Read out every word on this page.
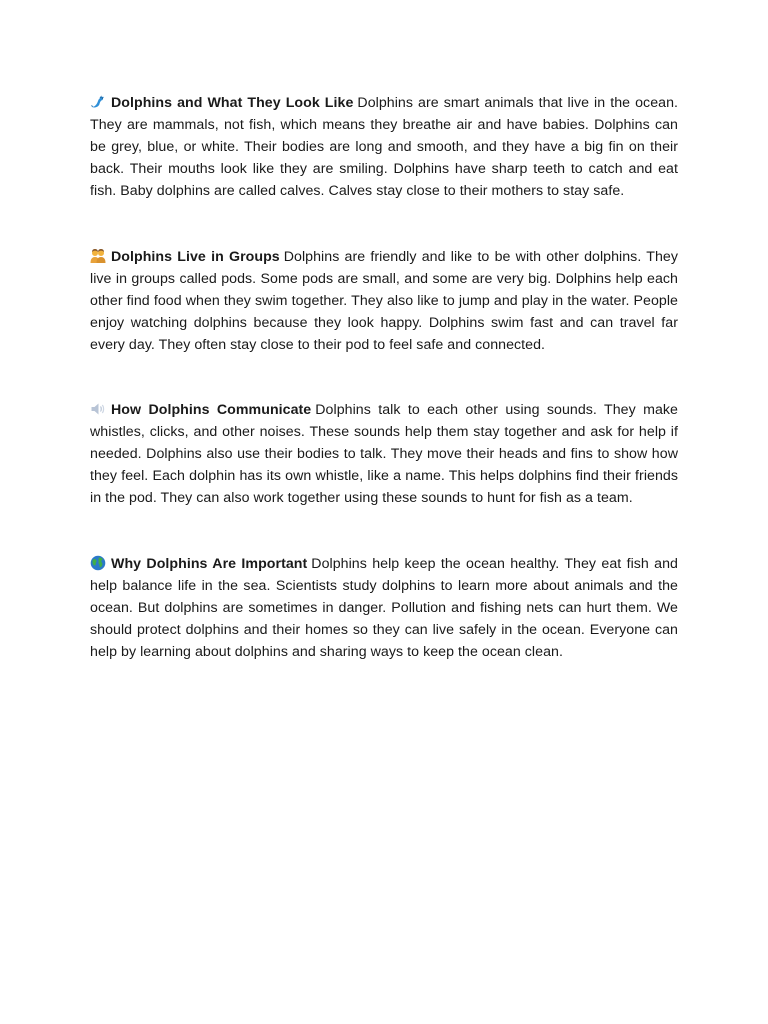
Dolphins and What They Look Like Dolphins are smart animals that live in the ocean. They are mammals, not fish, which means they breathe air and have babies. Dolphins can be grey, blue, or white. Their bodies are long and smooth, and they have a big fin on their back. Their mouths look like they are smiling. Dolphins have sharp teeth to catch and eat fish. Baby dolphins are called calves. Calves stay close to their mothers to stay safe.

Dolphins Live in Groups Dolphins are friendly and like to be with other dolphins. They live in groups called pods. Some pods are small, and some are very big. Dolphins help each other find food when they swim together. They also like to jump and play in the water. People enjoy watching dolphins because they look happy. Dolphins swim fast and can travel far every day. They often stay close to their pod to feel safe and connected.

How Dolphins Communicate Dolphins talk to each other using sounds. They make whistles, clicks, and other noises. These sounds help them stay together and ask for help if needed. Dolphins also use their bodies to talk. They move their heads and fins to show how they feel. Each dolphin has its own whistle, like a name. This helps dolphins find their friends in the pod. They can also work together using these sounds to hunt for fish as a team.

Why Dolphins Are Important Dolphins help keep the ocean healthy. They eat fish and help balance life in the sea. Scientists study dolphins to learn more about animals and the ocean. But dolphins are sometimes in danger. Pollution and fishing nets can hurt them. We should protect dolphins and their homes so they can live safely in the ocean. Everyone can help by learning about dolphins and sharing ways to keep the ocean clean.
